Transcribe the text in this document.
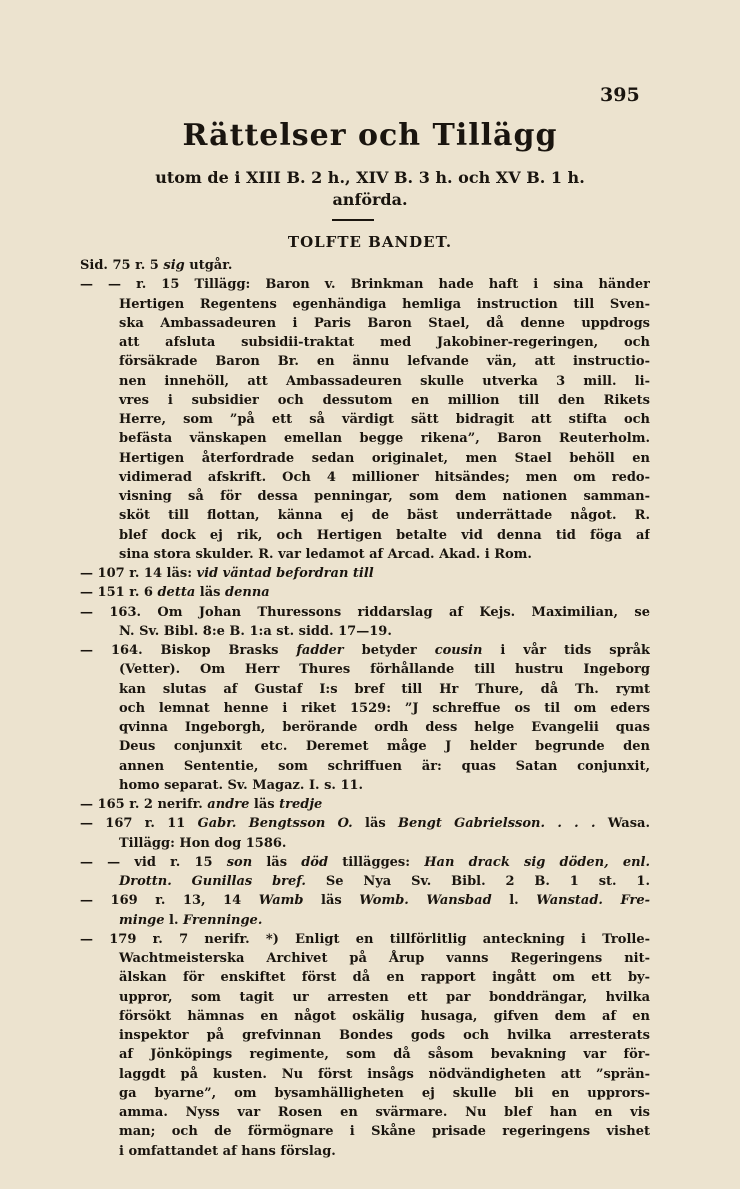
395
Rättelser och Tillägg
utom de i XIII B. 2 h., XIV B. 3 h. och XV B. 1 h.
anförda.
TOLFTE BANDET.
Sid. 75 r. 5 sig utgår.
— — r. 15 Tillägg: Baron v. Brinkman hade haft i sina händer
Hertigen Regentens egenhändiga hemliga instruction till Sven-
ska Ambassadeuren i Paris Baron Stael, då denne uppdrogs
att afsluta subsidii-traktat med Jakobiner-regeringen, och
försäkrade Baron Br. en ännu lefvande vän, att instructio-
nen innehöll, att Ambassadeuren skulle utverka 3 mill. li-
vres i subsidier och dessutom en million till den Rikets
Herre, som ”på ett så värdigt sätt bidragit att stifta och
befästa vänskapen emellan begge rikena”, Baron Reuterholm.
Hertigen återfordrade sedan originalet, men Stael behöll en
vidimerad afskrift. Och 4 millioner hitsändes; men om redo-
visning så för dessa penningar, som dem nationen samman-
sköt till flottan, känna ej de bäst underrättade något. R.
blef dock ej rik, och Hertigen betalte vid denna tid föga af
sina stora skulder. R. var ledamot af Arcad. Akad. i Rom.
— 107 r. 14 läs: vid väntad befordran till
— 151 r. 6 detta läs denna
— 163. Om Johan Thuressons riddarslag af Kejs. Maximilian, se
N. Sv. Bibl. 8:e B. 1:a st. sidd. 17—19.
— 164. Biskop Brasks fadder betyder cousin i vår tids språk
(Vetter). Om Herr Thures förhållande till hustru Ingeborg
kan slutas af Gustaf I:s bref till Hr Thure, då Th. rymt
och lemnat henne i riket 1529: ”J schreffue os til om eders
qvinna Ingeborgh, berörande ordh dess helge Evangelii quas
Deus conjunxit etc. Deremet måge J helder begrunde den
annen Sententie, som schriffuen är: quas Satan conjunxit,
homo separat. Sv. Magaz. I. s. 11.
— 165 r. 2 nerifr. andre läs tredje
— 167 r. 11 Gabr. Bengtsson O. läs Bengt Gabrielsson. . . . Wasa.
Tillägg: Hon dog 1586.
— — vid r. 15 son läs död tillägges: Han drack sig döden, enl.
Drottn. Gunillas bref. Se Nya Sv. Bibl. 2 B. 1 st. 1.
— 169 r. 13, 14 Wamb läs Womb. Wansbad l. Wanstad. Fre-
minge l. Frenninge.
— 179 r. 7 nerifr. *) Enligt en tillförlitlig anteckning i Trolle-
Wachtmeisterska Archivet på Årup vanns Regeringens nit-
älskan för enskiftet först då en rapport ingått om ett by-
uppror, som tagit ur arresten ett par bonddrängar, hvilka
försökt hämnas en något oskälig husaga, gifven dem af en
inspektor på grefvinnan Bondes gods och hvilka arresterats
af Jönköpings regimente, som då såsom bevakning var för-
laggdt på kusten. Nu först insågs nödvändigheten att ”sprän-
ga byarne”, om bysamhälligheten ej skulle bli en upprors-
amma. Nyss var Rosen en svärmare. Nu blef han en vis
man; och de förmögnare i Skåne prisade regeringens vishet
i omfattandet af hans förslag.
